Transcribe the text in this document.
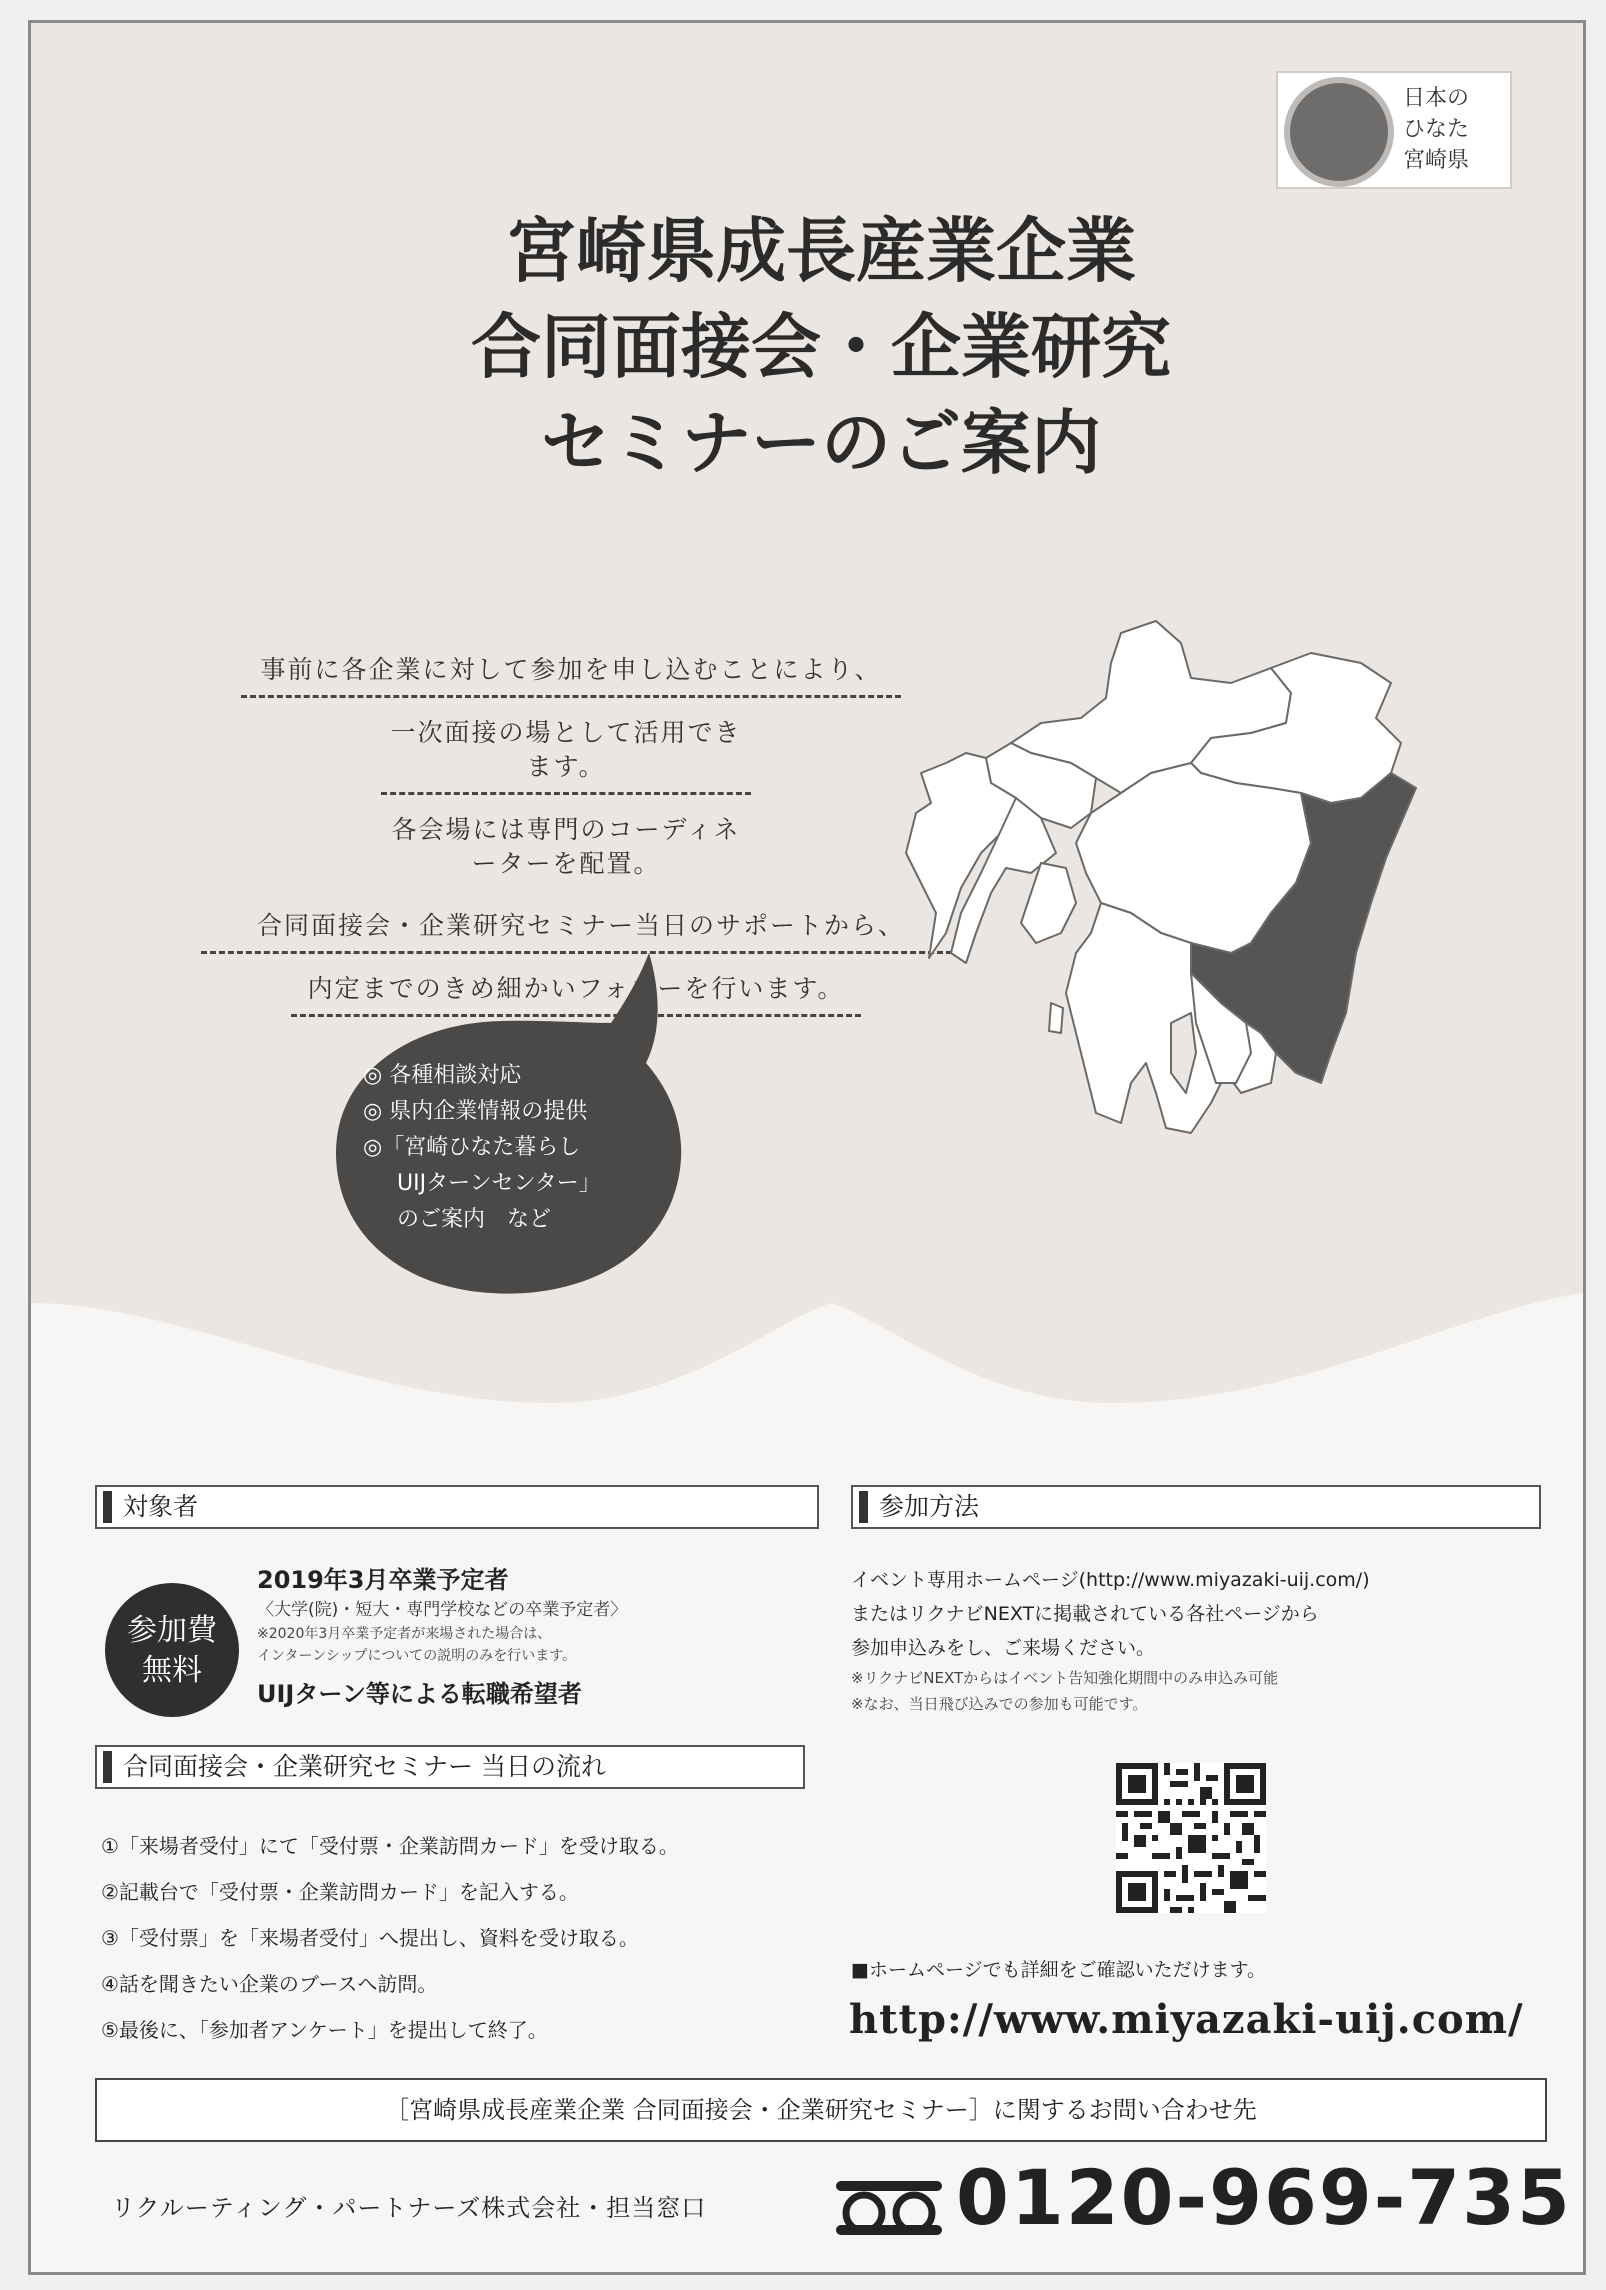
日本の
ひなた
宮崎県
宮崎県成長産業企業
合同面接会・企業研究
セミナーのご案内
事前に各企業に対して参加を申し込むことにより、
一次面接の場として活用できます。
各会場には専門のコーディネーターを配置。
合同面接会・企業研究セミナー当日のサポートから、
内定までのきめ細かいフォローを行います。
◎ 各種相談対応
◎ 県内企業情報の提供
◎「宮崎ひなた暮らし
UIJターンセンター」
のご案内　など
対象者
参加費
無料
2019年3月卒業予定者
〈大学(院)・短大・専門学校などの卒業予定者〉
※2020年3月卒業予定者が来場された場合は、
インターンシップについての説明のみを行います。
UIJターン等による転職希望者
参加方法
イベント専用ホームページ(http://www.miyazaki-uij.com/)
またはリクナビNEXTに掲載されている各社ページから
参加申込みをし、ご来場ください。
※リクナビNEXTからはイベント告知強化期間中のみ申込み可能
※なお、当日飛び込みでの参加も可能です。
合同面接会・企業研究セミナー 当日の流れ
①「来場者受付」にて「受付票・企業訪問カード」を受け取る。
②記載台で「受付票・企業訪問カード」を記入する。
③「受付票」を「来場者受付」へ提出し、資料を受け取る。
④話を聞きたい企業のブースへ訪問。
⑤最後に、「参加者アンケート」を提出して終了。
■ホームページでも詳細をご確認いただけます。
http://www.miyazaki-uij.com/
［宮崎県成長産業企業 合同面接会・企業研究セミナー］に関するお問い合わせ先
リクルーティング・パートナーズ株式会社・担当窓口	0120-969-735
